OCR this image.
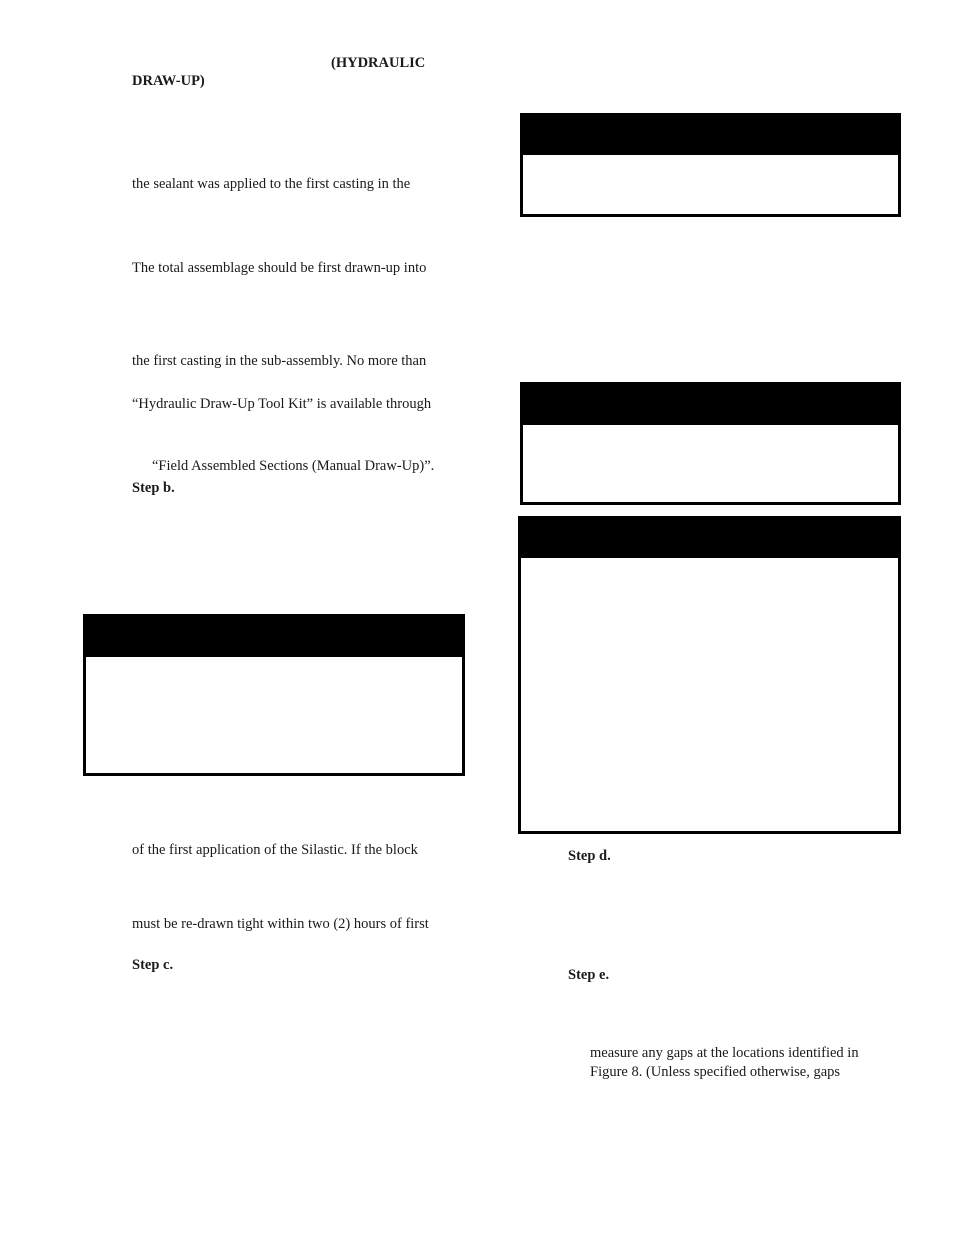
(HYDRAULIC
DRAW-UP)
the sealant was applied to the first casting in the
The total assemblage should be first drawn-up into
the first casting in the sub-assembly. No more than
“Hydraulic Draw-Up Tool Kit” is available through
“Field Assembled Sections (Manual Draw-Up)”.
Step b.
of the first application of the Silastic. If the block
must be re-drawn tight within two (2) hours of first
Step c.
Step d.
Step e.
measure any gaps at the locations identified in
Figure 8. (Unless specified otherwise, gaps
